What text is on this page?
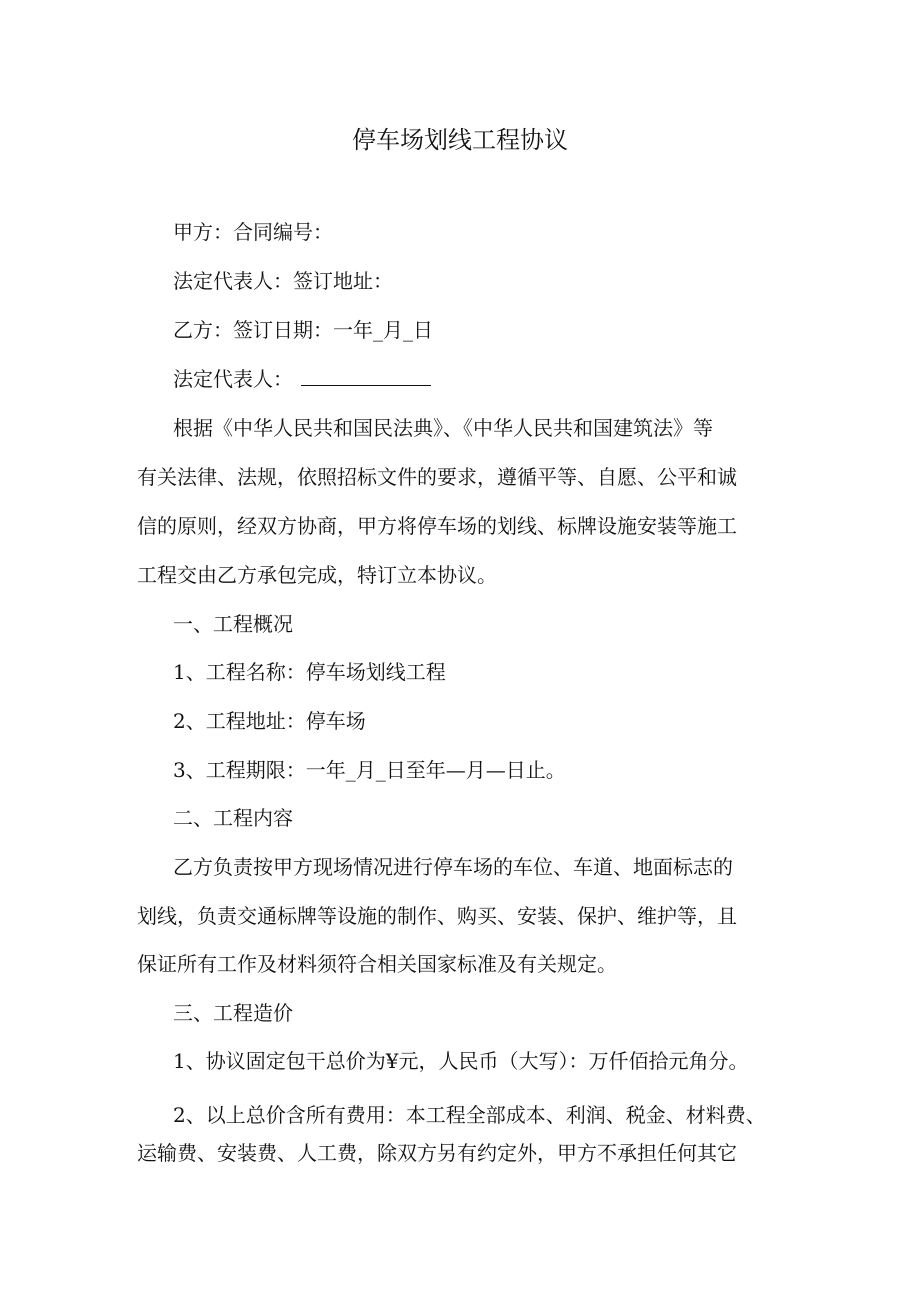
停车场划线工程协议
甲方：合同编号：
法定代表人：签订地址：
乙方：签订日期：一年_月_日
法定代表人：
根据《中华人民共和国民法典》、《中华人民共和国建筑法》等
有关法律、法规，依照招标文件的要求，遵循平等、自愿、公平和诚
信的原则，经双方协商，甲方将停车场的划线、标牌设施安装等施工
工程交由乙方承包完成，特订立本协议。
一、工程概况
1、工程名称：停车场划线工程
2、工程地址：停车场
3、工程期限：一年_月_日至年—月—日止。
二、工程内容
乙方负责按甲方现场情况进行停车场的车位、车道、地面标志的
划线，负责交通标牌等设施的制作、购买、安装、保护、维护等，且
保证所有工作及材料须符合相关国家标准及有关规定。
三、工程造价
1、协议固定包干总价为¥元，人民币（大写）：万仟佰拾元角分。
2、以上总价含所有费用：本工程全部成本、利润、税金、材料费、
运输费、安装费、人工费，除双方另有约定外，甲方不承担任何其它
